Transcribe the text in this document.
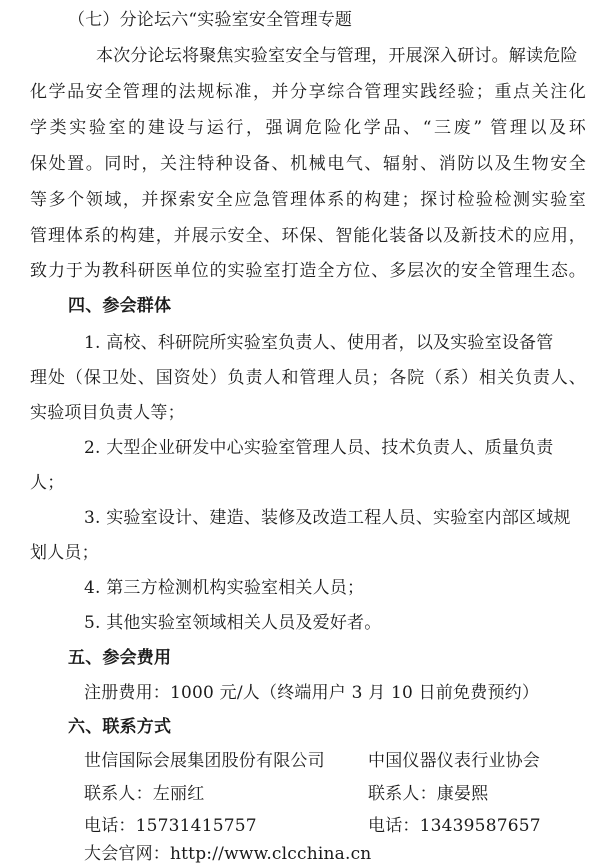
（七）分论坛六“实验室安全管理专题
本次分论坛将聚焦实验室安全与管理，开展深入研讨。解读危险
化学品安全管理的法规标准，并分享综合管理实践经验；重点关注化
学类实验室的建设与运行，强调危险化学品、“三废” 管理以及环
保处置。同时，关注特种设备、机械电气、辐射、消防以及生物安全
等多个领域，并探索安全应急管理体系的构建；探讨检验检测实验室
管理体系的构建，并展示安全、环保、智能化装备以及新技术的应用，
致力于为教科研医单位的实验室打造全方位、多层次的安全管理生态。
四、参会群体
1. 高校、科研院所实验室负责人、使用者，以及实验室设备管
理处（保卫处、国资处）负责人和管理人员；各院（系）相关负责人、
实验项目负责人等；
2. 大型企业研发中心实验室管理人员、技术负责人、质量负责
人；
3. 实验室设计、建造、装修及改造工程人员、实验室内部区域规
划人员；
4. 第三方检测机构实验室相关人员；
5. 其他实验室领域相关人员及爱好者。
五、参会费用
注册费用：1000 元/人（终端用户 3 月 10 日前免费预约）
六、联系方式
世信国际会展集团股份有限公司	中国仪器仪表行业协会
联系人：左丽红	联系人：康晏熙
电话：15731415757	电话：13439587657
大会官网：http://www.clcchina.cn
